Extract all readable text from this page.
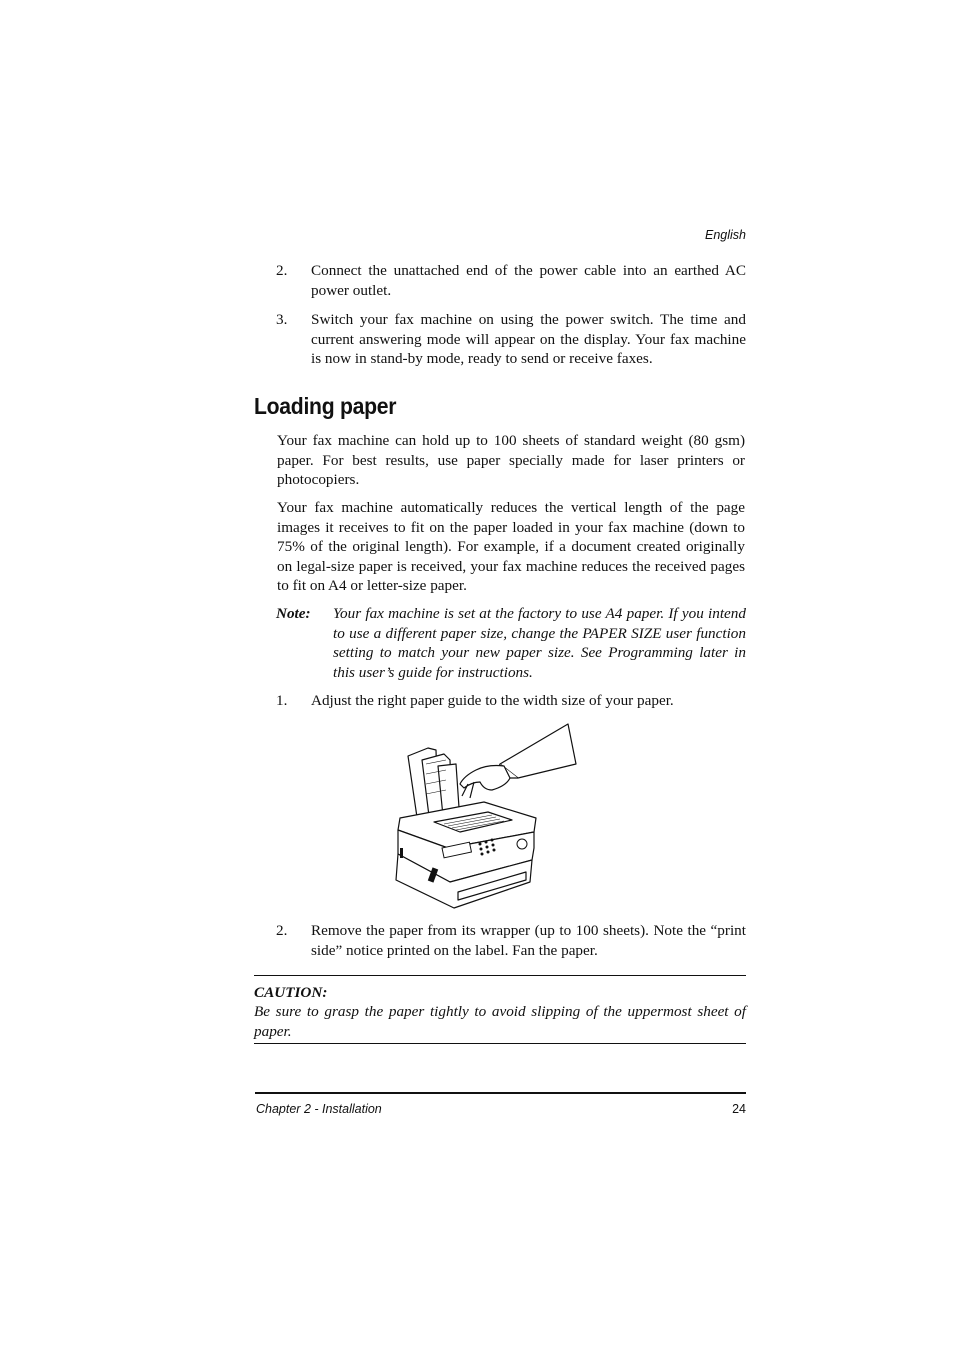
English
2. Connect the unattached end of the power cable into an earthed AC power outlet.
3. Switch your fax machine on using the power switch. The time and current answering mode will appear on the display. Your fax machine is now in stand-by mode, ready to send or receive faxes.
Loading paper
Your fax machine can hold up to 100 sheets of standard weight (80 gsm) paper. For best results, use paper specially made for laser printers or photocopiers.
Your fax machine automatically reduces the vertical length of the page images it receives to fit on the paper loaded in your fax machine (down to 75% of the original length). For example, if a document created originally on legal-size paper is received, your fax machine reduces the received pages to fit on A4 or letter-size paper.
Note: Your fax machine is set at the factory to use A4 paper. If you intend to use a different paper size, change the PAPER SIZE user function setting to match your new paper size. See Programming later in this user’s guide for instructions.
1. Adjust the right paper guide to the width size of your paper.
2. Remove the paper from its wrapper (up to 100 sheets). Note the “print side” notice printed on the label. Fan the paper.
CAUTION:
Be sure to grasp the paper tightly to avoid slipping of the uppermost sheet of paper.
Chapter 2 - Installation	24
